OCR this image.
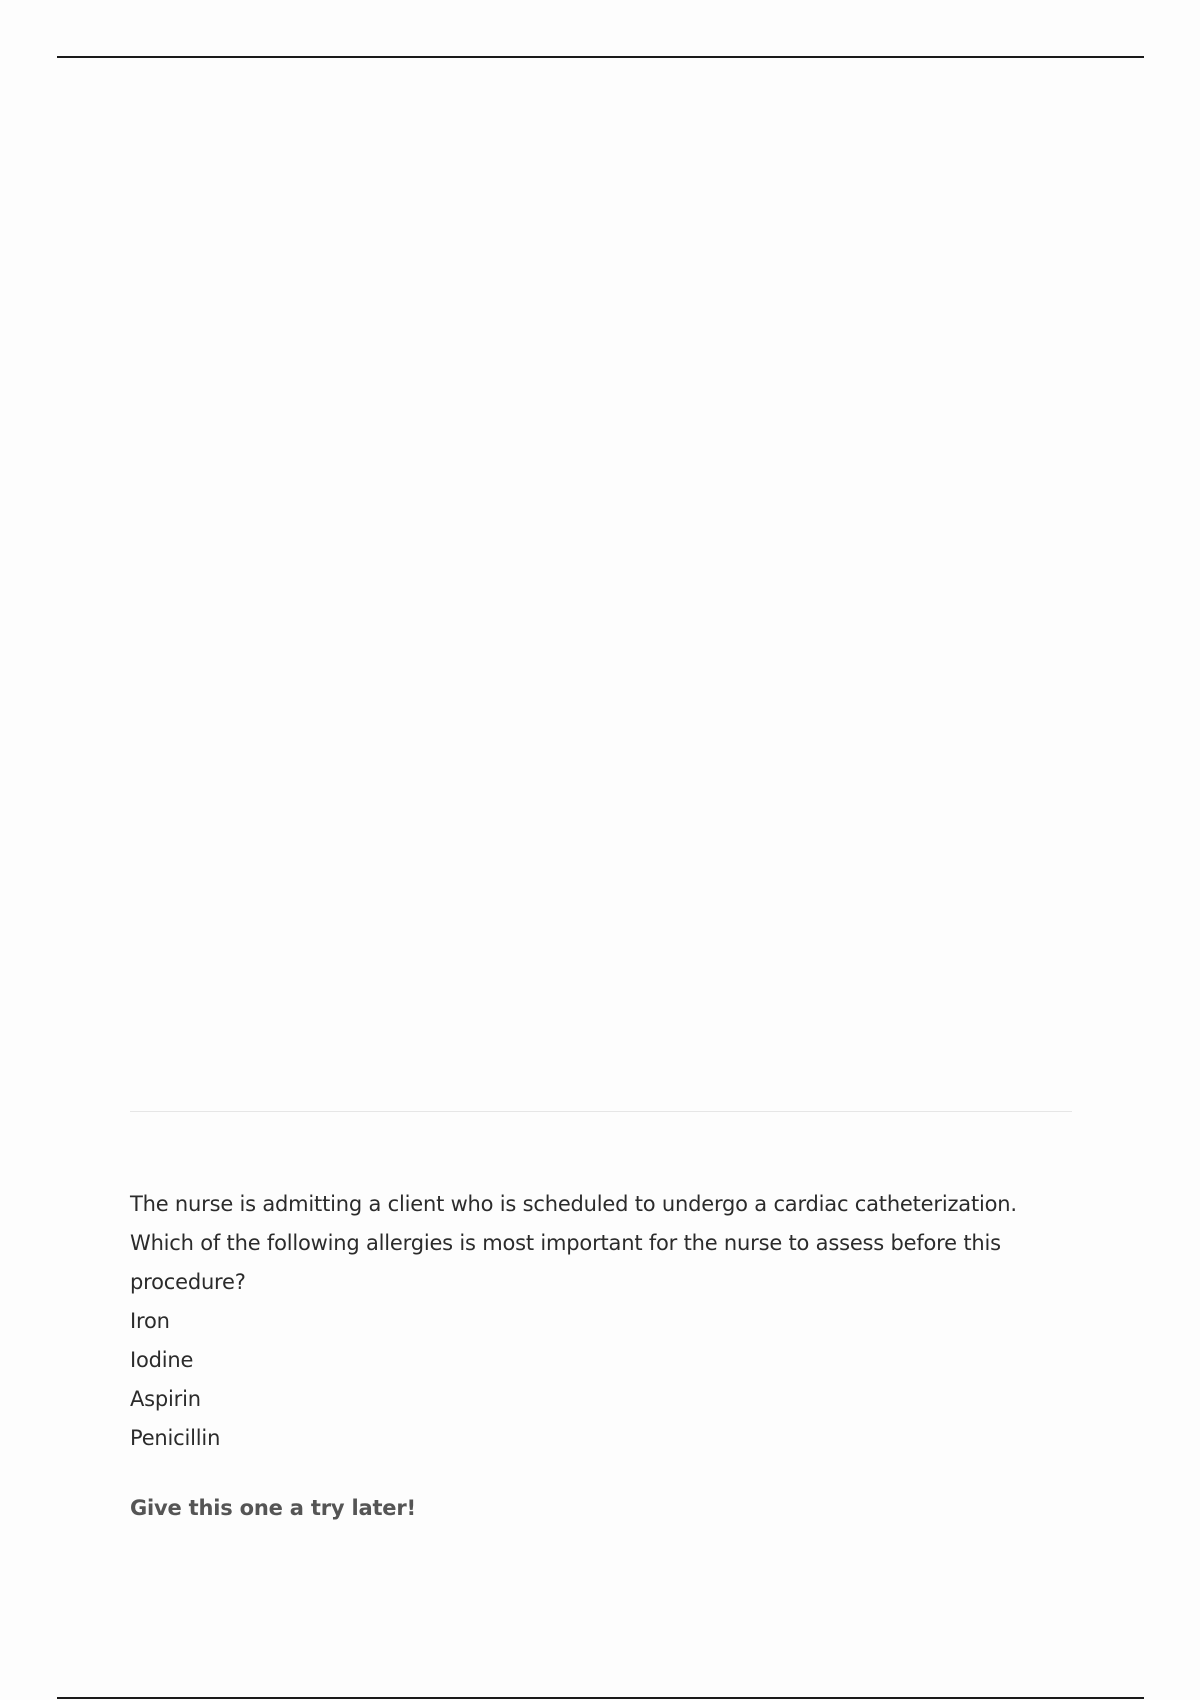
The nurse is admitting a client who is scheduled to undergo a cardiac catheterization. Which of the following allergies is most important for the nurse to assess before this procedure?

Iron
Iodine
Aspirin
Penicillin
Give this one a try later!
